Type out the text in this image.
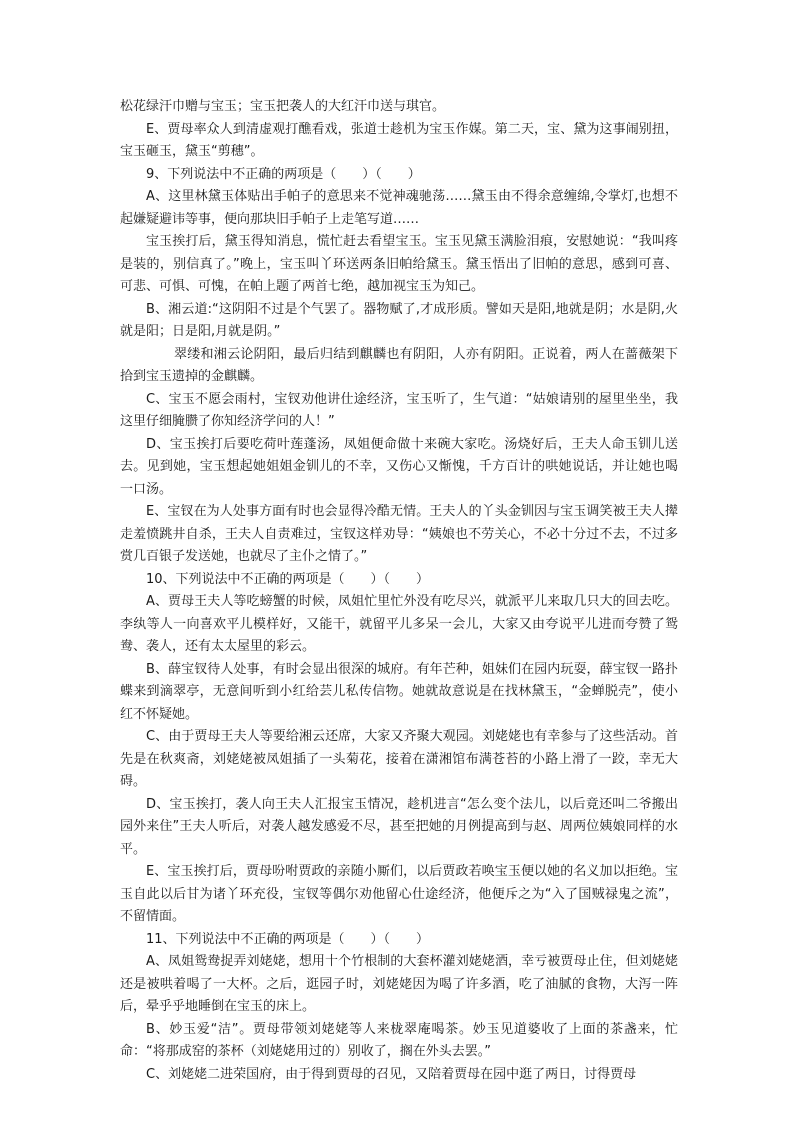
松花绿汗巾赠与宝玉；宝玉把袭人的大红汗巾送与琪官。

E、贾母率众人到清虚观打醮看戏，张道士趁机为宝玉作媒。第二天，宝、黛为这事闹别扭，宝玉砸玉，黛玉“剪穗”。

9、下列说法中不正确的两项是（　　）（　　）

A、这里林黛玉体贴出手帕子的意思来不觉神魂驰荡……黛玉由不得余意缠绵,令掌灯,也想不起嫌疑避讳等事，便向那块旧手帕子上走笔写道……

宝玉挨打后，黛玉得知消息，慌忙赶去看望宝玉。宝玉见黛玉满脸泪痕，安慰她说：“我叫疼是装的，别信真了。”晚上，宝玉叫丫环送两条旧帕给黛玉。黛玉悟出了旧帕的意思，感到可喜、可悲、可惧、可愧，在帕上题了两首七绝，越加视宝玉为知己。

B、湘云道:“这阴阳不过是个气罢了。器物赋了,才成形质。譬如天是阳,地就是阴；水是阴,火就是阳；日是阳,月就是阴。”

翠缕和湘云论阴阳，最后归结到麒麟也有阴阳，人亦有阴阳。正说着，两人在蔷薇架下拾到宝玉遗掉的金麒麟。

C、宝玉不愿会雨村，宝钗劝他讲仕途经济，宝玉听了，生气道：“姑娘请别的屋里坐坐，我这里仔细腌臜了你知经济学问的人！”

D、宝玉挨打后要吃荷叶莲蓬汤，凤姐便命做十来碗大家吃。汤烧好后，王夫人命玉钏儿送去。见到她，宝玉想起她姐姐金钏儿的不幸，又伤心又惭愧，千方百计的哄她说话，并让她也喝一口汤。

E、宝钗在为人处事方面有时也会显得冷酷无情。王夫人的丫头金钏因与宝玉调笑被王夫人撵走羞愤跳井自杀，王夫人自责难过，宝钗这样劝导：“姨娘也不劳关心，不必十分过不去，不过多赏几百银子发送她，也就尽了主仆之情了。”

10、下列说法中不正确的两项是（　　）（　　）

A、贾母王夫人等吃螃蟹的时候，凤姐忙里忙外没有吃尽兴，就派平儿来取几只大的回去吃。李纨等人一向喜欢平儿模样好，又能干，就留平儿多呆一会儿，大家又由夸说平儿进而夸赞了鸳鸯、袭人，还有太太屋里的彩云。

B、薛宝钗待人处事，有时会显出很深的城府。有年芒种，姐妹们在园内玩耍，薛宝钗一路扑蝶来到滴翠亭，无意间听到小红给芸儿私传信物。她就故意说是在找林黛玉，“金蝉脱壳”，使小红不怀疑她。

C、由于贾母王夫人等要给湘云还席，大家又齐聚大观园。刘姥姥也有幸参与了这些活动。首先是在秋爽斋，刘姥姥被凤姐插了一头菊花，接着在潇湘馆布满苍苔的小路上滑了一跤，幸无大碍。

D、宝玉挨打，袭人向王夫人汇报宝玉情况，趁机进言“怎么变个法儿，以后竟还叫二爷搬出园外来住”王夫人听后，对袭人越发感爱不尽，甚至把她的月例提高到与赵、周两位姨娘同样的水平。

E、宝玉挨打后，贾母吩咐贾政的亲随小厮们，以后贾政若唤宝玉便以她的名义加以拒绝。宝玉自此以后甘为诸丫环充役，宝钗等偶尔劝他留心仕途经济，他便斥之为“入了国贼禄鬼之流”，不留情面。

11、下列说法中不正确的两项是（　　）（　　）

A、凤姐鸳鸯捉弄刘姥姥，想用十个竹根制的大套杯灌刘姥姥酒，幸亏被贾母止住，但刘姥姥还是被哄着喝了一大杯。之后，逛园子时，刘姥姥因为喝了许多酒，吃了油腻的食物，大泻一阵后，晕乎乎地睡倒在宝玉的床上。

B、妙玉爱“洁”。贾母带领刘姥姥等人来栊翠庵喝茶。妙玉见道婆收了上面的茶盏来，忙命：“将那成窑的茶杯（刘姥姥用过的）别收了，搁在外头去罢。”

C、刘姥姥二进荣国府，由于得到贾母的召见，又陪着贾母在园中逛了两日，讨得贾母
